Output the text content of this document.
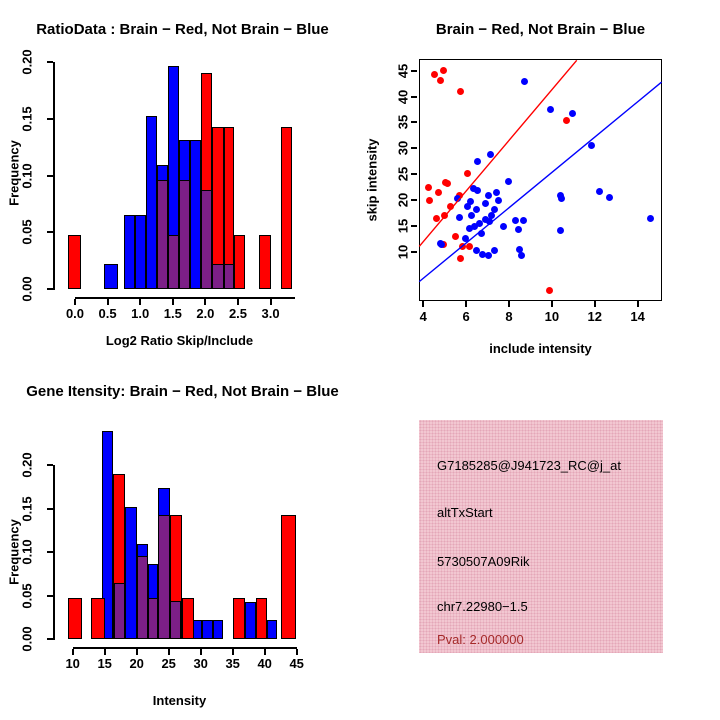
RatioData : Brain − Red, Not Brain − Blue	Brain − Red, Not Brain − Blue
Gene Itensity: Brain − Red, Not Brain − Blue
Log2 Ratio Skip/Include
include intensity
Intensity
Frequency	skip intensity
Frequency
0.00
0.05
0.10
0.15
0.20
0.0	0.5	1.0	1.5	2.0	2.5	3.0
0.00
0.05
0.10
0.15
0.20
10	15	20	25	30	35	40	45
4	6	8	10	12	14
10
15
20
25
30
35
40
45
G7185285@J941723_RC@j_at
altTxStart
5730507A09Rik
chr7.22980−1.5
Pval: 2.000000
